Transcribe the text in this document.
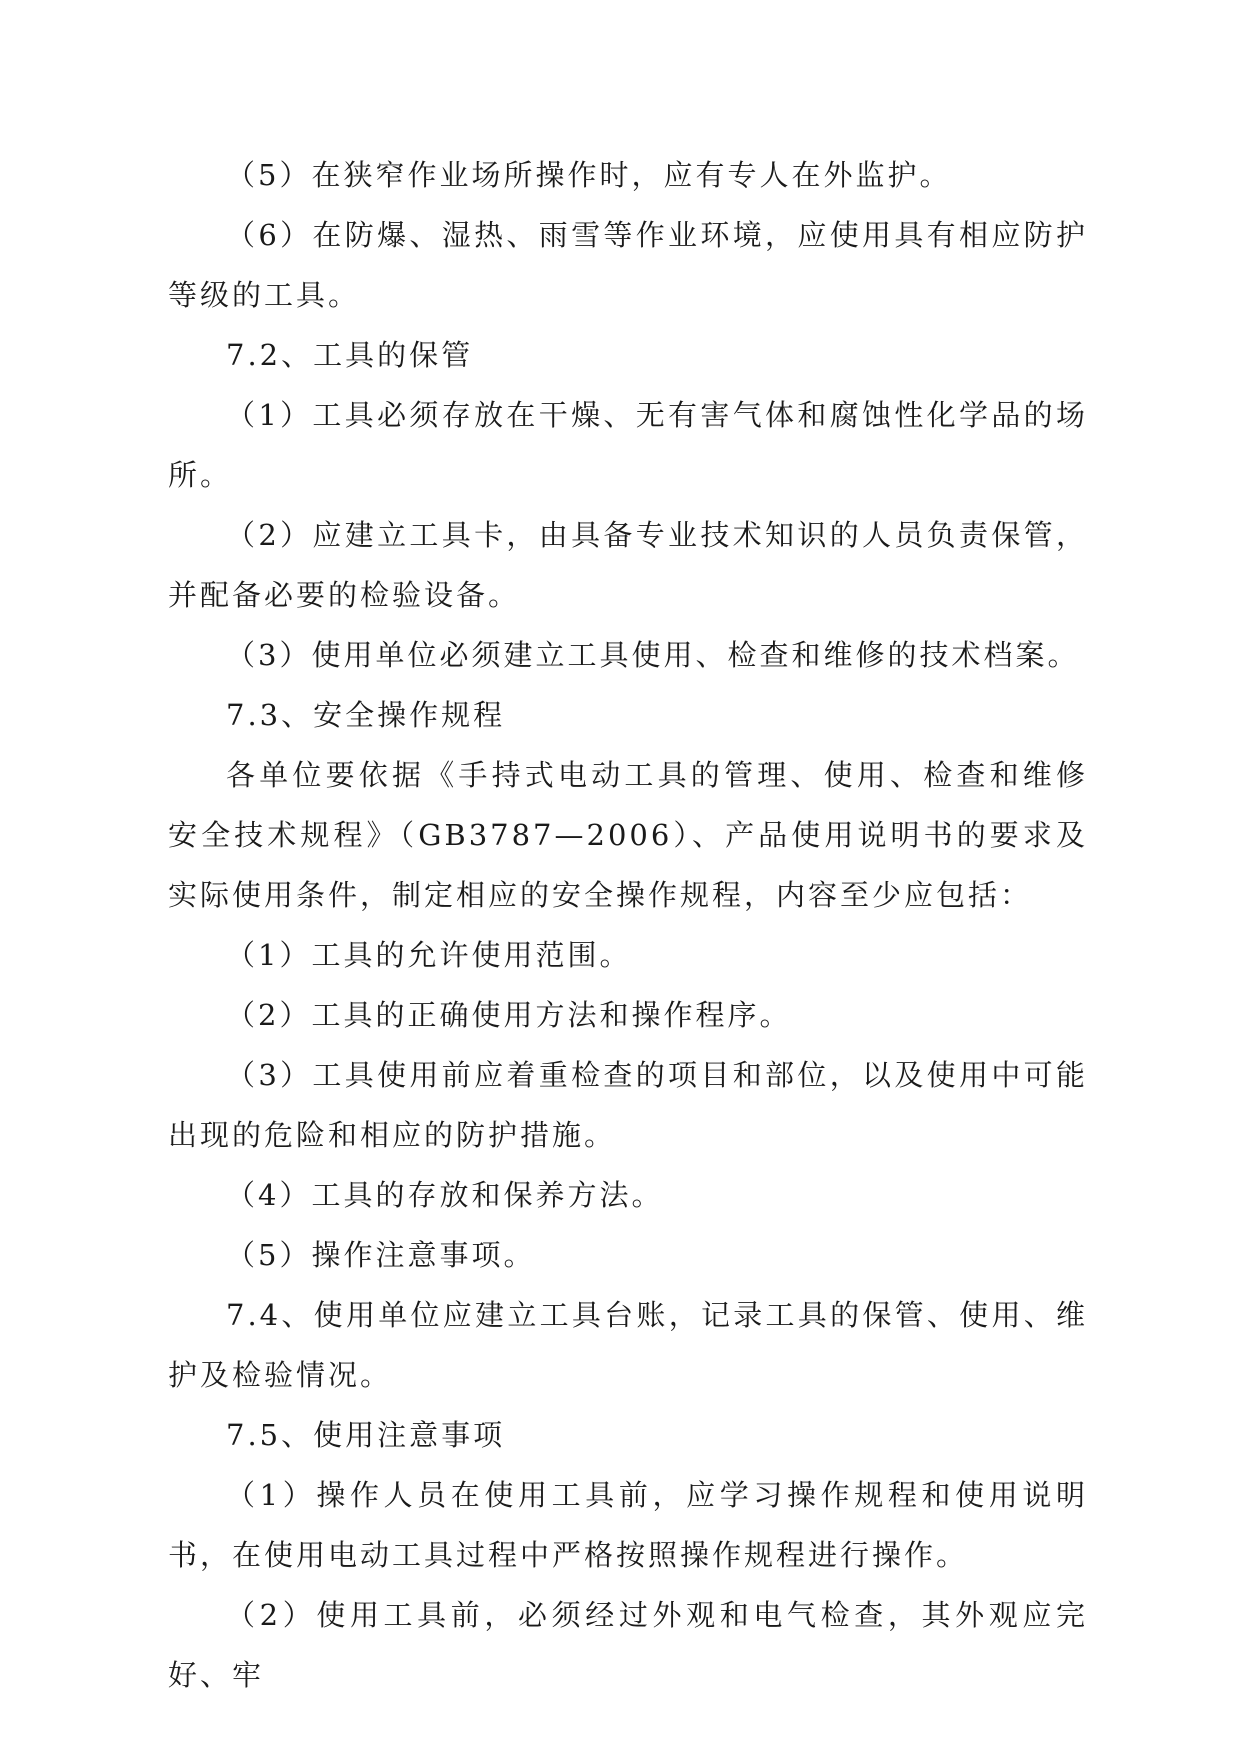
（5）在狭窄作业场所操作时，应有专人在外监护。

（6）在防爆、湿热、雨雪等作业环境，应使用具有相应防护等级的工具。

7.2、工具的保管

（1）工具必须存放在干燥、无有害气体和腐蚀性化学品的场所。

（2）应建立工具卡，由具备专业技术知识的人员负责保管，并配备必要的检验设备。

（3）使用单位必须建立工具使用、检查和维修的技术档案。

7.3、安全操作规程

各单位要依据《手持式电动工具的管理、使用、检查和维修安全技术规程》（GB3787—2006）、产品使用说明书的要求及实际使用条件，制定相应的安全操作规程，内容至少应包括：

（1）工具的允许使用范围。

（2）工具的正确使用方法和操作程序。

（3）工具使用前应着重检查的项目和部位，以及使用中可能出现的危险和相应的防护措施。

（4）工具的存放和保养方法。

（5）操作注意事项。

7.4、使用单位应建立工具台账，记录工具的保管、使用、维护及检验情况。

7.5、使用注意事项

（1）操作人员在使用工具前，应学习操作规程和使用说明书，在使用电动工具过程中严格按照操作规程进行操作。

（2）使用工具前，必须经过外观和电气检查，其外观应完好、牢
